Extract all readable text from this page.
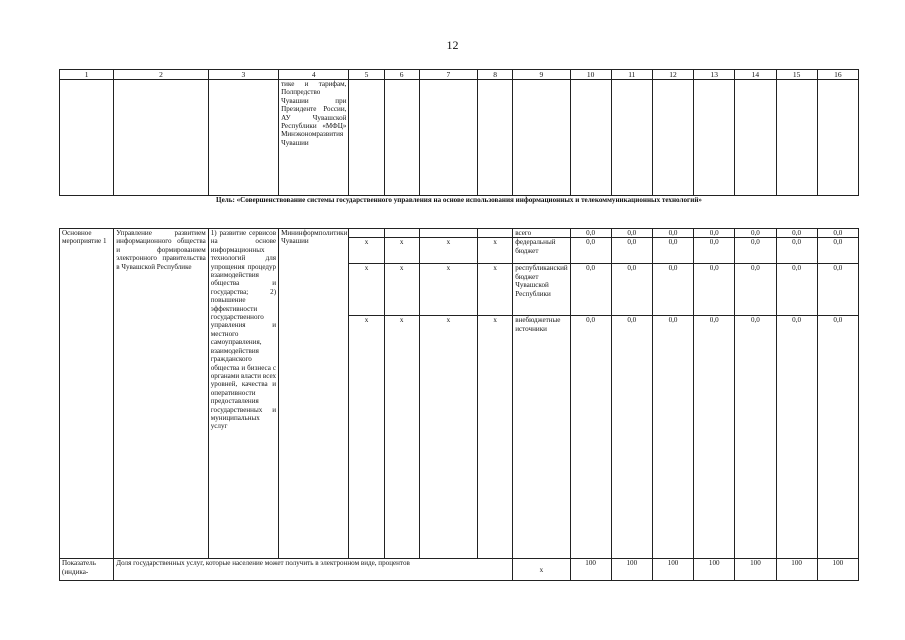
12
1	2	3	4	5	6	7	8	9	10	11	12	13	14	15	16
			тике и тарифам, Полпредство Чувашии при Президенте России, АУ Чувашской Республики «МФЦ» Минэкономразвития Чувашии												
Цель: «Совершенствование системы государственного управления на основе использования информационных и телекоммуникационных технологий»															
Основное мероприятие 1	Управление развитием информационного общества и формированием электронного правительства в Чувашской Республике	1) развитие сервисов на основе информационных технологий для упрощения процедур взаимодействия общества и государства; 2) повышение эффективности государственного управления и местного самоуправления, взаимодействия гражданского общества и бизнеса с органами власти всех уровней, качества и оперативности предоставления государственных и муниципальных услуг	Мининформполитики Чувашии					всего	0,0	0,0	0,0	0,0	0,0	0,0	0,0
				x	x	x	x	федеральный бюджет	0,0	0,0	0,0	0,0	0,0	0,0	0,0
				x	x	x	x	республиканский бюджет Чувашской Республики	0,0	0,0	0,0	0,0	0,0	0,0	0,0
				x	x	x	x	внебюджетные источники	0,0	0,0	0,0	0,0	0,0	0,0	0,0
Показатель (индика-	Доля государственных услуг, которые население может получить в электронном виде, процентов							x	100	100	100	100	100	100	100
